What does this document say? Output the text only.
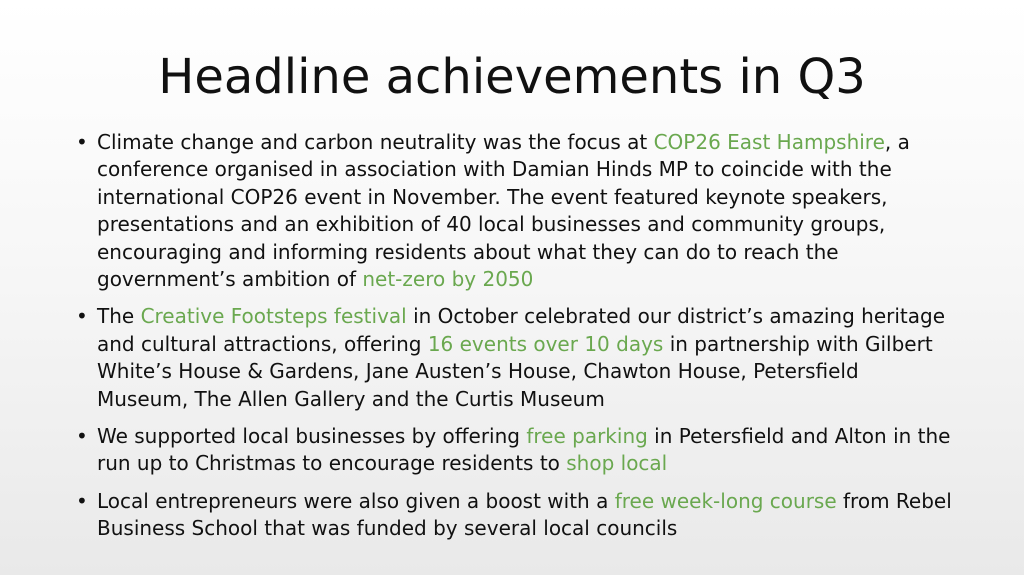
Headline achievements in Q3
• Climate change and carbon neutrality was the focus at COP26 East Hampshire, a conference organised in association with Damian Hinds MP to coincide with the international COP26 event in November. The event featured keynote speakers, presentations and an exhibition of 40 local businesses and community groups, encouraging and informing residents about what they can do to reach the government’s ambition of net-zero by 2050
• The Creative Footsteps festival in October celebrated our district’s amazing heritage and cultural attractions, offering 16 events over 10 days in partnership with Gilbert White’s House & Gardens, Jane Austen’s House, Chawton House, Petersfield Museum, The Allen Gallery and the Curtis Museum
• We supported local businesses by offering free parking in Petersfield and Alton in the run up to Christmas to encourage residents to shop local
• Local entrepreneurs were also given a boost with a free week-long course from Rebel Business School that was funded by several local councils
